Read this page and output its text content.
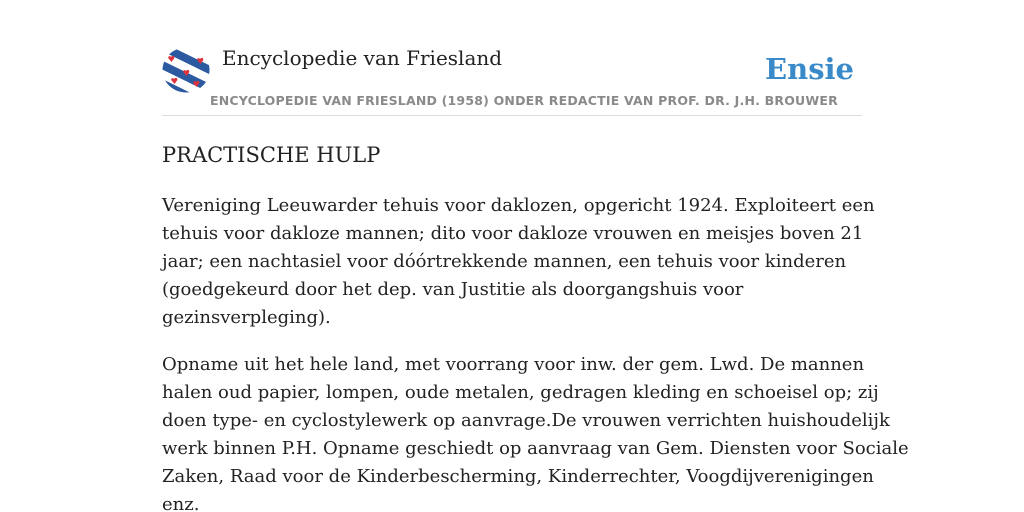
Encyclopedie van Friesland	Ensie
ENCYCLOPEDIE VAN FRIESLAND (1958) ONDER REDACTIE VAN PROF. DR. J.H. BROUWER
PRACTISCHE HULP
Vereniging Leeuwarder tehuis voor daklozen, opgericht 1924. Exploiteert een
tehuis voor dakloze mannen; dito voor dakloze vrouwen en meisjes boven 21
jaar; een nachtasiel voor dóórtrekkende mannen, een tehuis voor kinderen
(goedgekeurd door het dep. van Justitie als doorgangshuis voor
gezinsverpleging).
Opname uit het hele land, met voorrang voor inw. der gem. Lwd. De mannen
halen oud papier, lompen, oude metalen, gedragen kleding en schoeisel op; zij
doen type- en cyclostylewerk op aanvrage.De vrouwen verrichten huishoudelijk
werk binnen P.H. Opname geschiedt op aanvraag van Gem. Diensten voor Sociale
Zaken, Raad voor de Kinderbescherming, Kinderrechter, Voogdijverenigingen
enz.
